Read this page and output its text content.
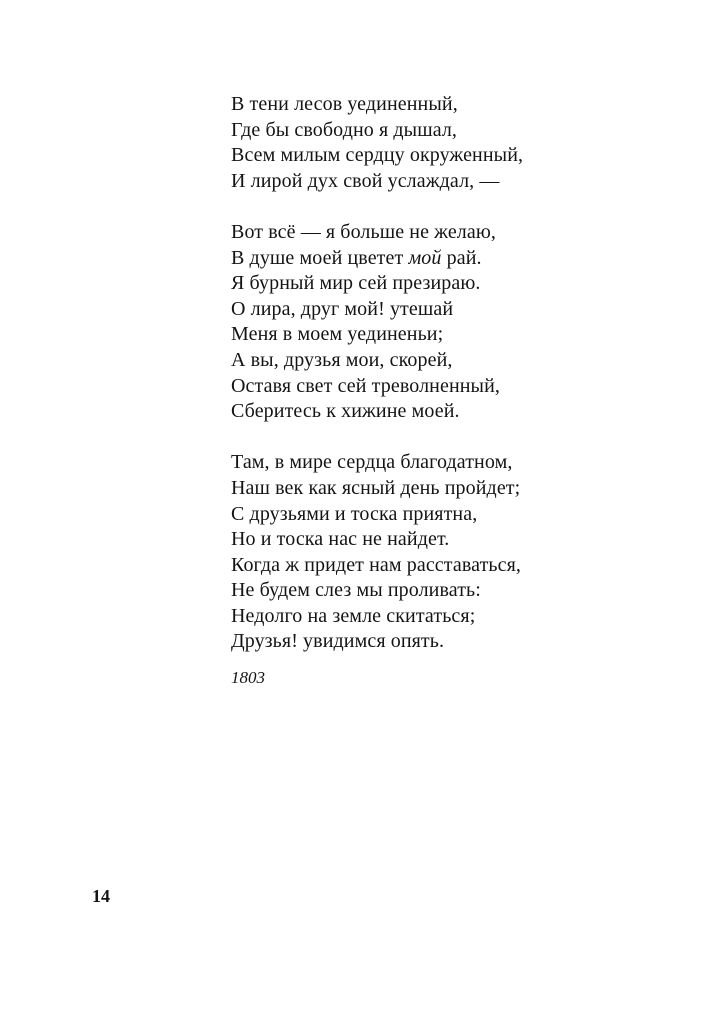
В тени лесов уединенный,
Где бы свободно я дышал,
Всем милым сердцу окруженный,
И лирой дух свой услаждал, —
Вот всё — я больше не желаю,
В душе моей цветет мой рай.
Я бурный мир сей презираю.
О лира, друг мой! утешай
Меня в моем уединеньи;
А вы, друзья мои, скорей,
Оставя свет сей треволненный,
Сберитесь к хижине моей.
Там, в мире сердца благодатном,
Наш век как ясный день пройдет;
С друзьями и тоска приятна,
Но и тоска нас не найдет.
Когда ж придет нам расставаться,
Не будем слез мы проливать:
Недолго на земле скитаться;
Друзья! увидимся опять.
1803
14
